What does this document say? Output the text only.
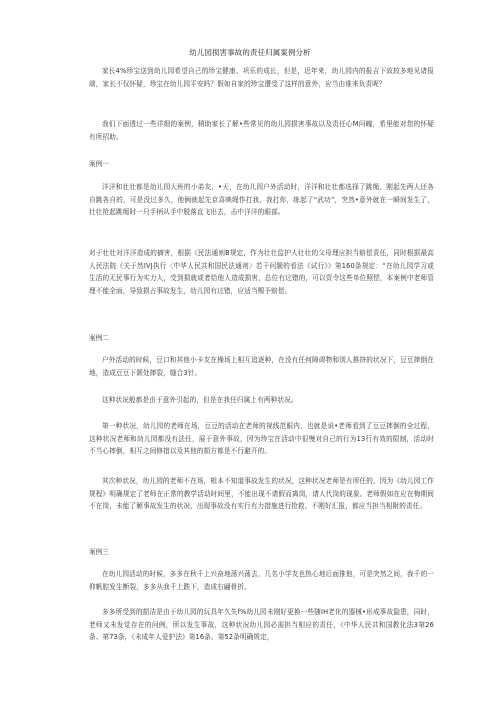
幼儿园损害事故的责任归属案例分析

家长4%珍宝送到幼儿园希望自己的珍宝健康、巩乐的成长，但是，近年来，幼儿园内的报吉下故较多地见诸报端，家长不仅怀疑，珍宝在幼儿园平安吗？假如自家的珍宝遭受了这样的意外，应当由谁来负责呢？

我们下面透过一些详细的案例，稍助家长了解•些常见的幼儿园损害事故以及责任心M问魄，希里能对您的怀疑有所招助。

案例一

洋洋和壮壮都是幼儿园大班的小弟友，•天，在幼儿园户外活动时，洋洋和壮壮都选择了跳绳，刚起先两人还各自跳各自的，可是没过多久，他俩就起先京喜映绳作打我，我打你，练起了“武功”，突然•意外就在一瞬间发生了，壮壮抢起跳绳时一只手柄从手中脱落直飞出去，击中洋洋的眼部。

对于壮壮对洋洋造成的摘害，根据《民法通则B规定，作为壮壮监护人壮壮的父母理应担当赔偿责任，同时根据最高人民法院《关于然IVJ执行〈中华人民共和国民法通则〉若干问题的看法《试行》》第160条规定：“在幼儿园学习或生活的无民事行为实力人，受到损就或者给他人造成损害，总位有过错的，可以资令这些单位照偿，本案例中老师管理不能全面，导致损占事故发生，幼儿园有过错，应适当赐予赔偿。

案例二

户外活动的时候，豆口和其他小卡友在操场上相互追逐种，在没有任何障碍物和别人推挤的状况下，豆豆摔倒在地，造成豆豆下颌处摔裂，缝合3针。

这种状况般都是由于意外引起的，但是在我任归属上有两种状况。

第一种状况，幼儿园的老师在场，豆豆的活动在老师的视线范眼内，也就是说•老师看到了豆豆摔倒的全过程，这种状况老师和幼儿园都没有法任，展于意外事故，因为珍宝在活动中很慢对自己的行为13行有效的限制，活动时不当心摔倒，相互之间修措以及其他的损方都是不行避开的。

其次种状况，幼儿园的老师不在场，根本不知道事故发生的状况，这种状况老师是有所任的，因为《幼儿园工作规程》明确规定了老师在正常的教学活动时间里，不能出现不请假而离岗，请人代岗的现象。老师假如在应在梅期间不在岗，未能了解事故发生的状况，出现事故没有实行有力措施进行抢救，不刚好汇报，都应当担当相附的责任。

案例三

在幼儿园活动的时候，多多在秋千上兴奋地荡兴荡去，几名小学友也热心地后面推他，可是突然之间，我千的一仰帆腔发生断裂，多多从我千上跌下，造成右翩骨折。

多多所受到的损洁是由于幼儿园的玩具年久失f%幼儿园未刚好更换一些随IH老化的器械•形成事故隐患，同时，老师又未发觉存在的问例，所以发生事故，这种状况幼儿园必需担当相应的责任，《中华人民共和国教化法3第26条、第73条，《未成年人爱护法》第16条、第52条明确规定，
